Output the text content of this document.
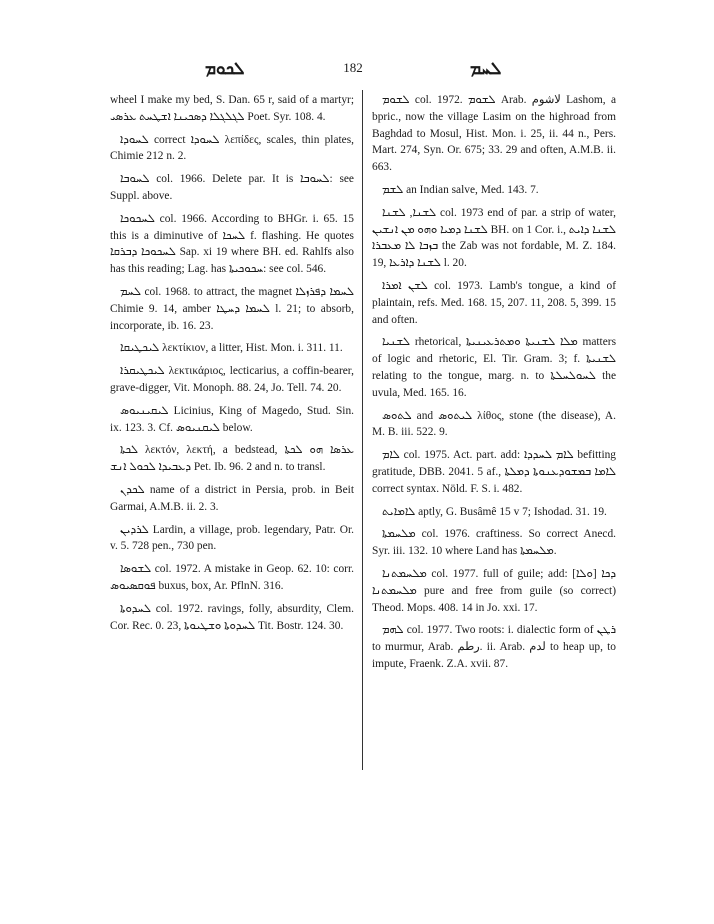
182
ܠܟܘܡ	ܠܚܡ

wheel I make my bed, S. Dan. 65 r, said of a martyr; ܠܓܠܓܠܐ ܕܣܟܝܢܐ ܐܫܛܚܬ ܥܪܣܝ Poet. Syr. 108. 4.

ܠܚܘܕܐ correct ܠܚܘܕܐ λεπίδες, scales, thin plates, Chimie 212 n. 2.

ܠܚܘܒܐ col. 1966. Delete par. It is ܠܚܘܒܐ: see Suppl. above.

ܠܚܟܘܟܐ col. 1966. According to BHGr. i. 65. 15 this is a diminutive of ܠܚܟܐ f. flashing. He quotes ܠܚܟܘܟܐ ܕܒܪܩܐ Sap. xi 19 where BH. ed. Rahlfs also has this reading; Lag. has ܚܟܘܟܝܬܐ: see col. 546.

ܠܚܡ col. 1968. to attract, the magnet ܠܚܡܐ ܕܦܪܙܠܐ Chimie 9. 14, amber ܠܚܡܐ ܕܚܛܐ l. 21; to absorb, incorporate, ib. 16. 23.

ܠܝܟܛܝܩܐ λεκτίκιον, a litter, Hist. Mon. i. 311. 11.

ܠܝܟܛܝܩܪܐ λεκτικάριος, lecticarius, a coffin-bearer, grave-digger, Vit. Monoph. 88. 24, Jo. Tell. 74. 20.

ܠܝܩܝܢܝܘܣ Licinius, King of Magedo, Stud. Sin. ix. 123. 3. Cf. ܠܝܩܢܝܘܣ below.

ܠܟܬܐ λεκτόν, λεκτή, a bedstead, ܥܪܣܐ ܗܘ ܠܟܬܐ ܕܥܒܝܕܐ ܠܟܘܠ ܐܢܫ Pet. Ib. 96. 2 and n. to transl.

ܠܟܕܢ name of a district in Persia, prob. in Beit Garmai, A.M.B. ii. 2. 3.

ܠܪܕܝܢ Lardin, a village, prob. legendary, Patr. Or. v. 5. 728 pen., 730 pen.

ܠܫܘܣܐ col. 1972. A mistake in Geop. 62. 10: corr. ܦܘܩܣܝܘܣ buxus, box, Ar. PflnN. 316.

ܠܚܕܘܬܐ col. 1972. ravings, folly, absurdity, Clem. Cor. Rec. 0. 23, ܠܚܕܘܬܐ ܘܫܛܝܘܬܐ Tit. Bostr. 124. 30.

ܠܫܘܡ col. 1972. ܠܫܘܡ Arab. لاشوم Lashom, a bpric., now the village Lasim on the highroad from Baghdad to Mosul, Hist. Mon. i. 25, ii. 44 n., Pers. Mart. 274, Syn. Or. 675; 33. 29 and often, A.M.B. ii. 663.

ܠܫܡ an Indian salve, Med. 143. 7.

ܠܫܢܐ, ܠܫܢܐ col. 1973 end of par. a strip of water, ܠܫܢܐ ܕܡܝܐ ܘܗܘ ܡܢ ܐܢܫܝܢ BH. on 1 Cor. i., ܠܫܢܐ ܕܐܝܬ ܒܙܒܐ ܠܐ ܡܥܒܪܐ the Zab was not fordable, M. Z. 184. 19, ܠܫܢܐ ܕܐܪܥܐ l. 20.

ܠܫܢ ܐܡܪܐ col. 1973. Lamb's tongue, a kind of plaintain, refs. Med. 168. 15, 207. 11, 208. 5, 399. 15 and often.

ܠܫܢܝܐ rhetorical, ܡܠܐ ܠܫܢܝܬܐ ܘܡܬܪܥܝܢܝܬܐ matters of logic and rhetoric, El. Tir. Gram. 3; f. ܠܫܢܝܬܐ relating to the tongue, marg. n. to ܠܚܘܠܚܠܬܐ the uvula, Med. 165. 16.

ܠܬܘܣ and ܠܝܬܘܣ λίθος, stone (the disease), A. M. B. iii. 522. 9.

ܠܐܡ col. 1975. Act. part. add: ܠܐܡ ܠܚܕܕܐ befitting gratitude, DBB. 2041. 5 af., ܠܐܡܐ ܒܡܫܘܕܥܢܘܬܐ ܕܡܠܬܐ correct syntax. Nöld. F. S. i. 482.

ܠܐܡܐܝܬ aptly, G. Busâmê 15 v 7; Ishodad. 31. 19.

ܡܠܚܡܬܐ col. 1976. craftiness. So correct Anecd. Syr. iii. 132. 10 where Land has ܡܠܚܡܬܐ.

ܡܠܚܡܬܢܐ col. 1977. full of guile; add: ܕܟܐ [ܘܠܐ] ܡܠܚܡܬܢܐ pure and free from guile (so correct) Theod. Mops. 408. 14 in Jo. xxi. 17.

ܠܗܡ col. 1977. Two roots: i. dialectic form of ܪܛܢ to murmur, Arab. رطم. ii. Arab. لدم to heap up, to impute, Fraenk. Z.A. xvii. 87.
